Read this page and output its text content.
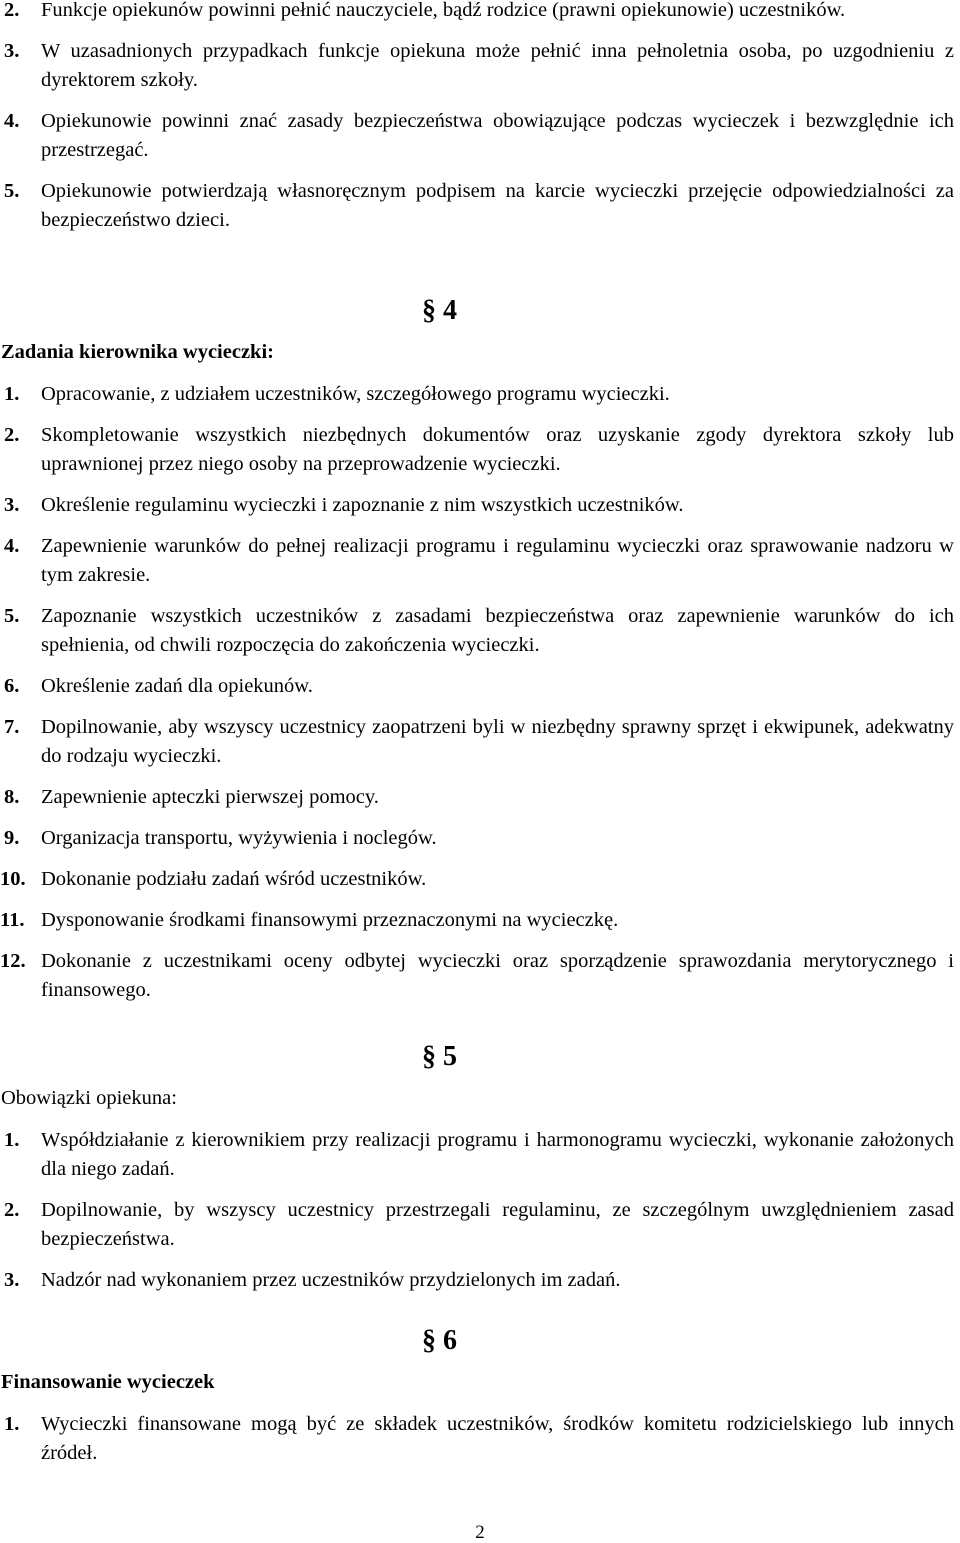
2.	Funkcje opiekunów powinni pełnić nauczyciele, bądź rodzice (prawni opiekunowie) uczestników.
3.	W uzasadnionych przypadkach funkcje opiekuna może pełnić inna pełnoletnia osoba, po uzgodnieniu z dyrektorem szkoły.
4.	Opiekunowie powinni znać zasady bezpieczeństwa obowiązujące podczas wycieczek i bezwzględnie ich przestrzegać.
5.	Opiekunowie potwierdzają własnoręcznym podpisem na karcie wycieczki przejęcie odpowiedzialności za bezpieczeństwo dzieci.
§ 4
Zadania kierownika wycieczki:
1.	Opracowanie, z udziałem uczestników, szczegółowego programu wycieczki.
2.	Skompletowanie wszystkich niezbędnych dokumentów oraz uzyskanie zgody dyrektora szkoły lub uprawnionej przez niego osoby na przeprowadzenie wycieczki.
3.	Określenie regulaminu wycieczki i zapoznanie z nim wszystkich uczestników.
4.	Zapewnienie warunków do pełnej realizacji programu i regulaminu wycieczki oraz sprawowanie nadzoru w tym zakresie.
5.	Zapoznanie wszystkich uczestników z zasadami bezpieczeństwa oraz zapewnienie warunków do ich spełnienia, od chwili rozpoczęcia do zakończenia wycieczki.
6.	Określenie zadań dla opiekunów.
7.	Dopilnowanie, aby wszyscy uczestnicy zaopatrzeni byli w niezbędny sprawny sprzęt i ekwipunek, adekwatny do rodzaju wycieczki.
8.	Zapewnienie apteczki pierwszej pomocy.
9.	Organizacja transportu, wyżywienia i noclegów.
10. Dokonanie podziału zadań wśród uczestników.
11. Dysponowanie środkami finansowymi przeznaczonymi na wycieczkę.
12. Dokonanie z uczestnikami oceny odbytej wycieczki oraz sporządzenie sprawozdania merytorycznego i finansowego.
§ 5
Obowiązki opiekuna:
1.	Współdziałanie z kierownikiem przy realizacji programu i harmonogramu wycieczki, wykonanie założonych dla niego zadań.
2.	Dopilnowanie, by wszyscy uczestnicy przestrzegali regulaminu, ze szczególnym uwzględnieniem zasad bezpieczeństwa.
3.	Nadzór nad wykonaniem przez uczestników przydzielonych im zadań.
§ 6
Finansowanie wycieczek
1.	Wycieczki finansowane mogą być ze składek uczestników, środków komitetu rodzicielskiego lub innych źródeł.
2
